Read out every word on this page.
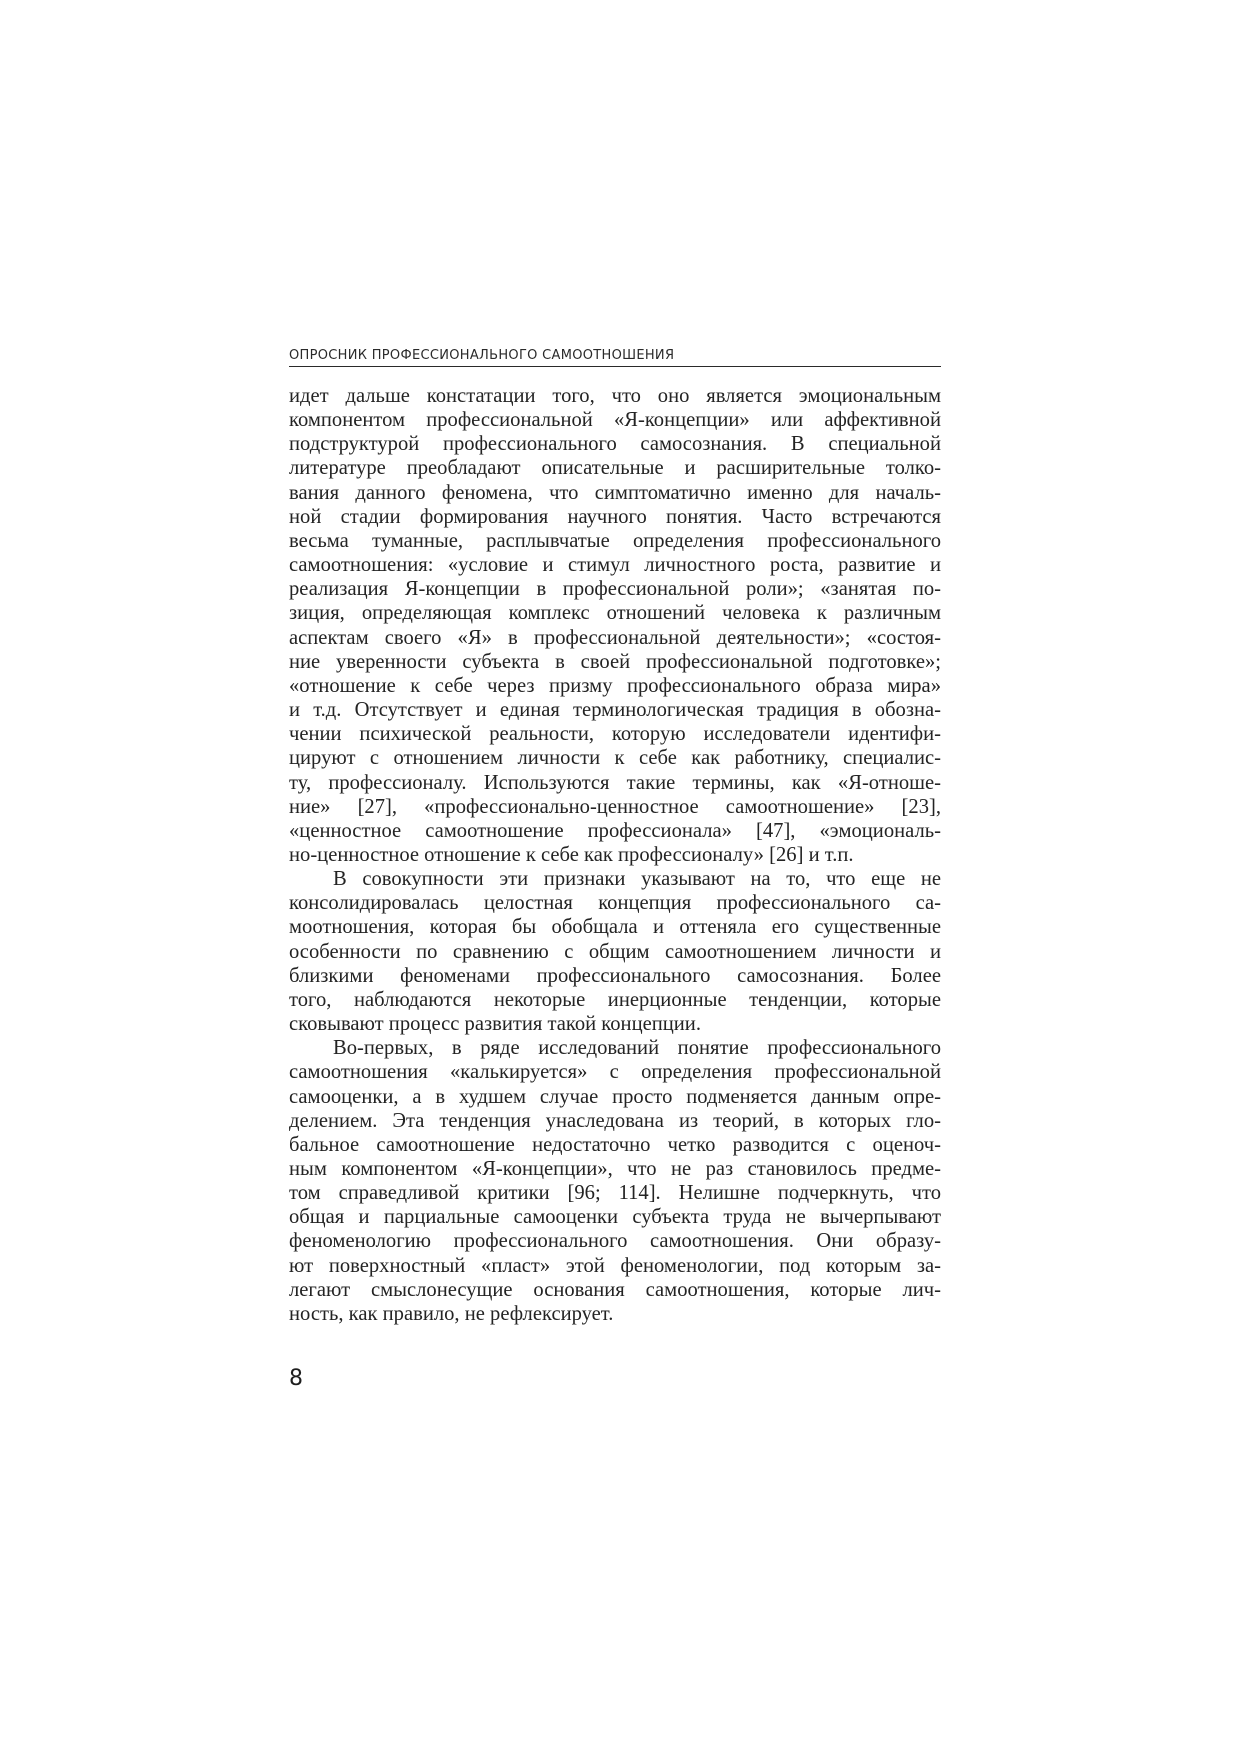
ОПРОСНИК ПРОФЕССИОНАЛЬНОГО САМООТНОШЕНИЯ
идет дальше констатации того, что оно является эмоциональным
компонентом профессиональной «Я-концепции» или аффективной
подструктурой профессионального самосознания. В специальной
литературе преобладают описательные и расширительные толко-
вания данного феномена, что симптоматично именно для началь-
ной стадии формирования научного понятия. Часто встречаются
весьма туманные, расплывчатые определения профессионального
самоотношения: «условие и стимул личностного роста, развитие и
реализация Я-концепции в профессиональной роли»; «занятая по-
зиция, определяющая комплекс отношений человека к различным
аспектам своего «Я» в профессиональной деятельности»; «состоя-
ние уверенности субъекта в своей профессиональной подготовке»;
«отношение к себе через призму профессионального образа мира»
и т.д. Отсутствует и единая терминологическая традиция в обозна-
чении психической реальности, которую исследователи идентифи-
цируют с отношением личности к себе как работнику, специалис-
ту, профессионалу. Используются такие термины, как «Я-отноше-
ние» [27], «профессионально-ценностное самоотношение» [23],
«ценностное самоотношение профессионала» [47], «эмоциональ-
но-ценностное отношение к себе как профессионалу» [26] и т.п.
В совокупности эти признаки указывают на то, что еще не
консолидировалась целостная концепция профессионального са-
моотношения, которая бы обобщала и оттеняла его существенные
особенности по сравнению с общим самоотношением личности и
близкими феноменами профессионального самосознания. Более
того, наблюдаются некоторые инерционные тенденции, которые
сковывают процесс развития такой концепции.
Во-первых, в ряде исследований понятие профессионального
самоотношения «калькируется» с определения профессиональной
самооценки, а в худшем случае просто подменяется данным опре-
делением. Эта тенденция унаследована из теорий, в которых гло-
бальное самоотношение недостаточно четко разводится с оценоч-
ным компонентом «Я-концепции», что не раз становилось предме-
том справедливой критики [96; 114]. Нелишне подчеркнуть, что
общая и парциальные самооценки субъекта труда не вычерпывают
феноменологию профессионального самоотношения. Они образу-
ют поверхностный «пласт» этой феноменологии, под которым за-
легают смыслонесущие основания самоотношения, которые лич-
ность, как правило, не рефлексирует.
8
